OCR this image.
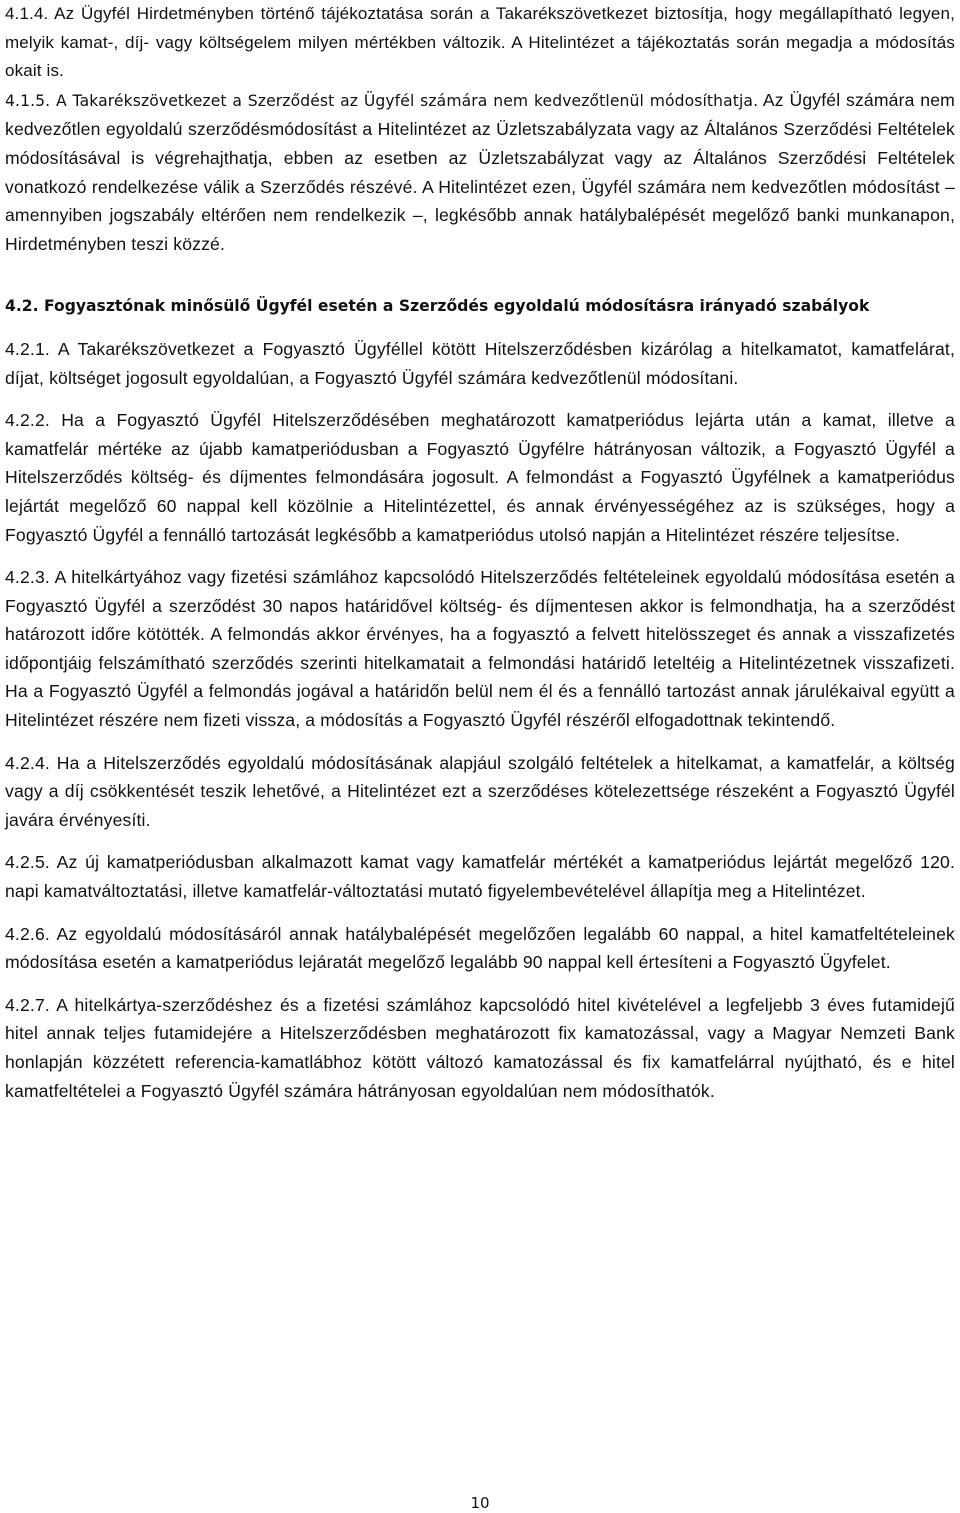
4.1.4. Az Ügyfél Hirdetményben történő tájékoztatása során a Takarékszövetkezet biztosítja, hogy megállapítható legyen, melyik kamat-, díj- vagy költségelem milyen mértékben változik. A Hitelintézet a tájékoztatás során megadja a módosítás okait is.

4.1.5. A Takarékszövetkezet a Szerződést az Ügyfél számára nem kedvezőtlenül módosíthatja. Az Ügyfél számára nem kedvezőtlen egyoldalú szerződésmódosítást a Hitelintézet az Üzletszabályzata vagy az Általános Szerződési Feltételek módosításával is végrehajthatja, ebben az esetben az Üzletszabályzat vagy az Általános Szerződési Feltételek vonatkozó rendelkezése válik a Szerződés részévé. A Hitelintézet ezen, Ügyfél számára nem kedvezőtlen módosítást – amennyiben jogszabály eltérően nem rendelkezik –, legkésőbb annak hatálybalépését megelőző banki munkanapon, Hirdetményben teszi közzé.

4.2. Fogyasztónak minősülő Ügyfél esetén a Szerződés egyoldalú módosításra irányadó szabályok

4.2.1. A Takarékszövetkezet a Fogyasztó Ügyféllel kötött Hitelszerződésben kizárólag a hitelkamatot, kamatfelárat, díjat, költséget jogosult egyoldalúan, a Fogyasztó Ügyfél számára kedvezőtlenül módosítani.

4.2.2. Ha a Fogyasztó Ügyfél Hitelszerződésében meghatározott kamatperiódus lejárta után a kamat, illetve a kamatfelár mértéke az újabb kamatperiódusban a Fogyasztó Ügyfélre hátrányosan változik, a Fogyasztó Ügyfél a Hitelszerződés költség- és díjmentes felmondására jogosult. A felmondást a Fogyasztó Ügyfélnek a kamatperiódus lejártát megelőző 60 nappal kell közölnie a Hitelintézettel, és annak érvényességéhez az is szükséges, hogy a Fogyasztó Ügyfél a fennálló tartozását legkésőbb a kamatperiódus utolsó napján a Hitelintézet részére teljesítse.

4.2.3. A hitelkártyához vagy fizetési számlához kapcsolódó Hitelszerződés feltételeinek egyoldalú módosítása esetén a Fogyasztó Ügyfél a szerződést 30 napos határidővel költség- és díjmentesen akkor is felmondhatja, ha a szerződést határozott időre kötötték. A felmondás akkor érvényes, ha a fogyasztó a felvett hitelösszeget és annak a visszafizetés időpontjáig felszámítható szerződés szerinti hitelkamatait a felmondási határidő leteltéig a Hitelintézetnek visszafizeti. Ha a Fogyasztó Ügyfél a felmondás jogával a határidőn belül nem él és a fennálló tartozást annak járulékaival együtt a Hitelintézet részére nem fizeti vissza, a módosítás a Fogyasztó Ügyfél részéről elfogadottnak tekintendő.

4.2.4. Ha a Hitelszerződés egyoldalú módosításának alapjául szolgáló feltételek a hitelkamat, a kamatfelár, a költség vagy a díj csökkentését teszik lehetővé, a Hitelintézet ezt a szerződéses kötelezettsége részeként a Fogyasztó Ügyfél javára érvényesíti.

4.2.5. Az új kamatperiódusban alkalmazott kamat vagy kamatfelár mértékét a kamatperiódus lejártát megelőző 120. napi kamatváltoztatási, illetve kamatfelár-változtatási mutató figyelembevételével állapítja meg a Hitelintézet.

4.2.6. Az egyoldalú módosításáról annak hatálybalépését megelőzően legalább 60 nappal, a hitel kamatfeltételeinek módosítása esetén a kamatperiódus lejáratát megelőző legalább 90 nappal kell értesíteni a Fogyasztó Ügyfelet.

4.2.7. A hitelkártya-szerződéshez és a fizetési számlához kapcsolódó hitel kivételével a legfeljebb 3 éves futamidejű hitel annak teljes futamidejére a Hitelszerződésben meghatározott fix kamatozással, vagy a Magyar Nemzeti Bank honlapján közzétett referencia-kamatlábhoz kötött változó kamatozással és fix kamatfelárral nyújtható, és e hitel kamatfeltételei a Fogyasztó Ügyfél számára hátrányosan egyoldalúan nem módosíthatók.

10
